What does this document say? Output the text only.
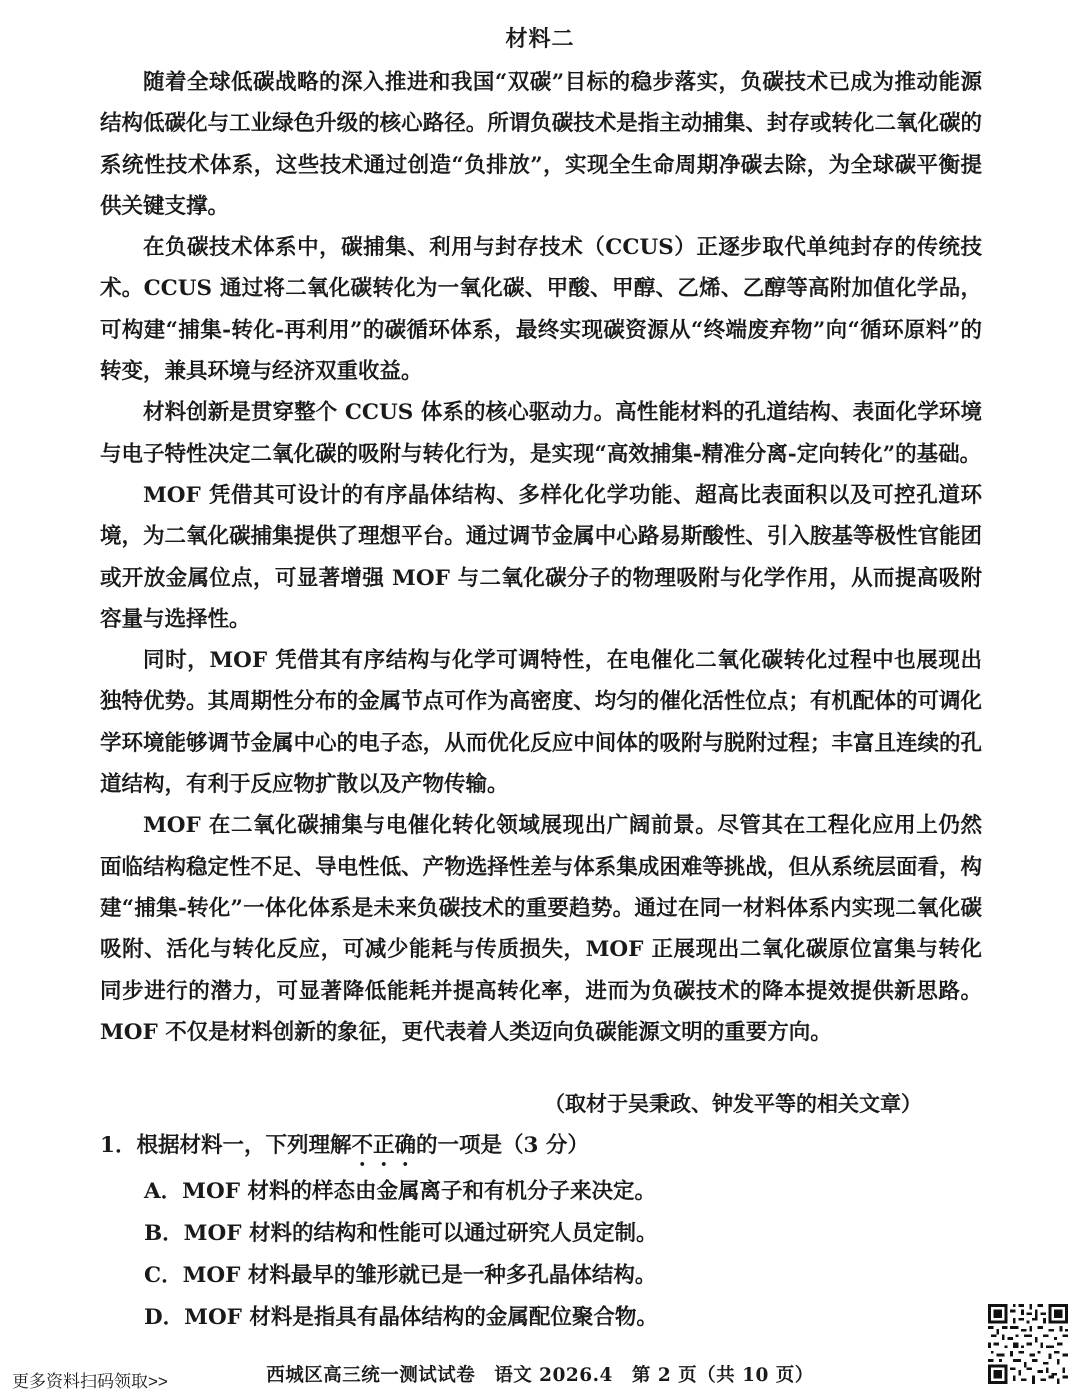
材料二

随着全球低碳战略的深入推进和我国“双碳”目标的稳步落实，负碳技术已成为推动能源结构低碳化与工业绿色升级的核心路径。所谓负碳技术是指主动捕集、封存或转化二氧化碳的系统性技术体系，这些技术通过创造“负排放”，实现全生命周期净碳去除，为全球碳平衡提供关键支撑。

在负碳技术体系中，碳捕集、利用与封存技术（CCUS）正逐步取代单纯封存的传统技术。CCUS 通过将二氧化碳转化为一氧化碳、甲酸、甲醇、乙烯、乙醇等高附加值化学品，可构建“捕集-转化-再利用”的碳循环体系，最终实现碳资源从“终端废弃物”向“循环原料”的转变，兼具环境与经济双重收益。

材料创新是贯穿整个 CCUS 体系的核心驱动力。高性能材料的孔道结构、表面化学环境与电子特性决定二氧化碳的吸附与转化行为，是实现“高效捕集-精准分离-定向转化”的基础。

MOF 凭借其可设计的有序晶体结构、多样化化学功能、超高比表面积以及可控孔道环境，为二氧化碳捕集提供了理想平台。通过调节金属中心路易斯酸性、引入胺基等极性官能团或开放金属位点，可显著增强 MOF 与二氧化碳分子的物理吸附与化学作用，从而提高吸附容量与选择性。

同时，MOF 凭借其有序结构与化学可调特性，在电催化二氧化碳转化过程中也展现出独特优势。其周期性分布的金属节点可作为高密度、均匀的催化活性位点；有机配体的可调化学环境能够调节金属中心的电子态，从而优化反应中间体的吸附与脱附过程；丰富且连续的孔道结构，有利于反应物扩散以及产物传输。

MOF 在二氧化碳捕集与电催化转化领域展现出广阔前景。尽管其在工程化应用上仍然面临结构稳定性不足、导电性低、产物选择性差与体系集成困难等挑战，但从系统层面看，构建“捕集-转化”一体化体系是未来负碳技术的重要趋势。通过在同一材料体系内实现二氧化碳吸附、活化与转化反应，可减少能耗与传质损失，MOF 正展现出二氧化碳原位富集与转化同步进行的潜力，可显著降低能耗并提高转化率，进而为负碳技术的降本提效提供新思路。MOF 不仅是材料创新的象征，更代表着人类迈向负碳能源文明的重要方向。

（取材于吴秉政、钟发平等的相关文章）

1．根据材料一，下列理解不正确的一项是（3 分）

A．MOF 材料的样态由金属离子和有机分子来决定。

B．MOF 材料的结构和性能可以通过研究人员定制。

C．MOF 材料最早的雏形就已是一种多孔晶体结构。

D．MOF 材料是指具有晶体结构的金属配位聚合物。

更多资料扫码领取>>	西城区高三统一测试试卷　语文 2026.4　第 2 页（共 10 页）
